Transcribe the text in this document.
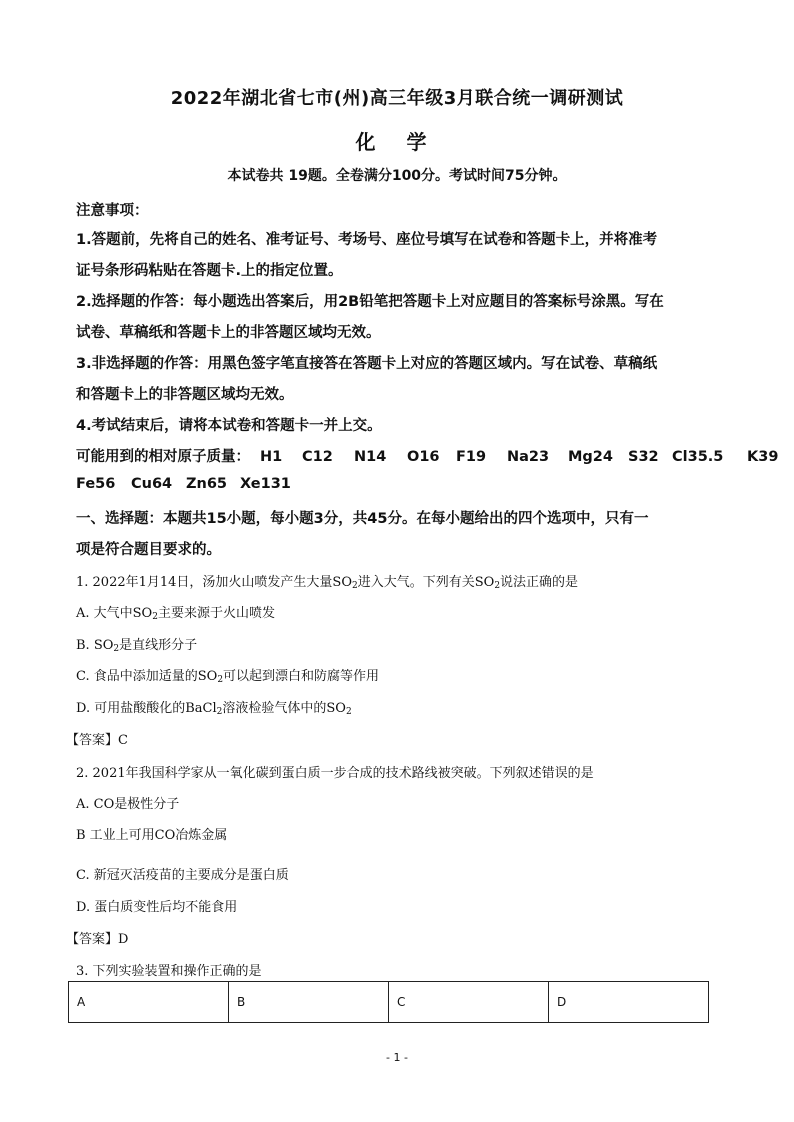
2022年湖北省七市(州)高三年级3月联合统一调研测试
化 学
本试卷共 19题。全卷满分100分。考试时间75分钟。
注意事项：
1.答题前，先将自己的姓名、准考证号、考场号、座位号填写在试卷和答题卡上，并将准考
证号条形码粘贴在答题卡.上的指定位置。
2.选择题的作答：每小题选出答案后，用2B铅笔把答题卡上对应题目的答案标号涂黑。写在
试卷、草稿纸和答题卡上的非答题区域均无效。
3.非选择题的作答：用黑色签字笔直接答在答题卡上对应的答题区域内。写在试卷、草稿纸
和答题卡上的非答题区域均无效。
4.考试结束后，请将本试卷和答题卡一并上交。
可能用到的相对原子质量： H1 C12 N14 O16 F19 Na23 Mg24 S32 Cl35.5 K39
Fe56 Cu64 Zn65 Xe131
一、选择题：本题共15小题，每小题3分，共45分。在每小题给出的四个选项中，只有一
项是符合题目要求的。
1. 2022年1月14日，汤加火山喷发产生大量$SO_2$进入大气。下列有关$SO_2$说法正确的是
A. 大气中$SO_2$主要来源于火山喷发
B. $SO_2$是直线形分子
C. 食品中添加适量的$SO_2$可以起到漂白和防腐等作用
D. 可用盐酸酸化的BaCl$_2$溶液检验气体中的$SO_2$
【答案】C
2. 2021年我国科学家从一氧化碳到蛋白质一步合成的技术路线被突破。下列叙述错误的是
A. CO是极性分子
B 工业上可用CO冶炼金属
C. 新冠灭活疫苗的主要成分是蛋白质
D. 蛋白质变性后均不能食用
【答案】D
3. 下列实验装置和操作正确的是
A	B	C	D
- 1 -
